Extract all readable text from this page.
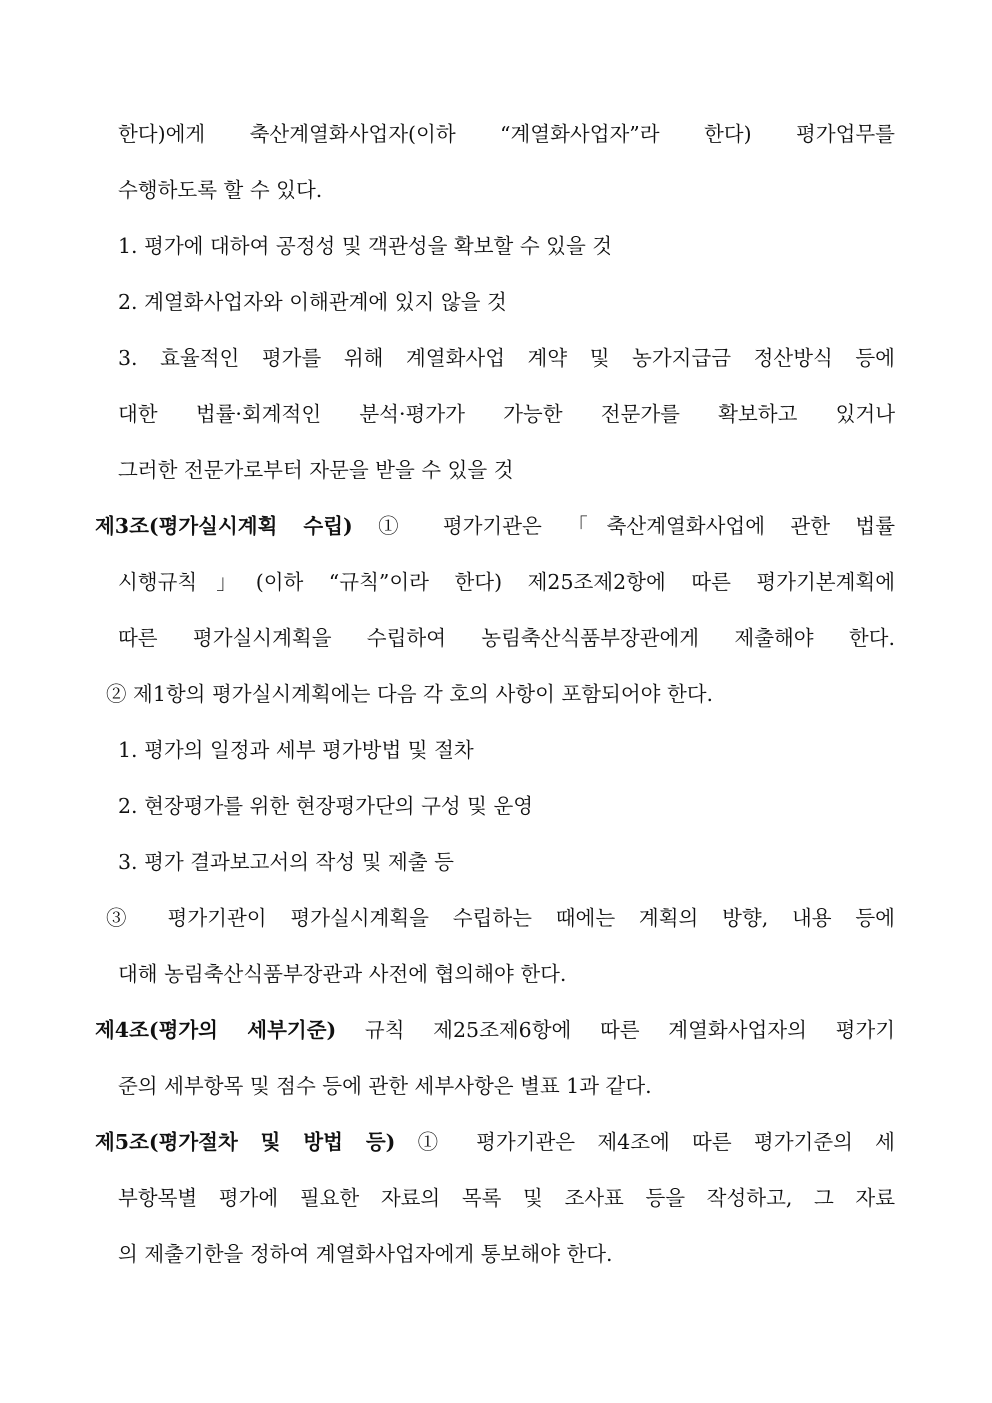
한다)에게 축산계열화사업자(이하 “계열화사업자”라 한다) 평가업무를
수행하도록 할 수 있다.
1. 평가에 대하여 공정성 및 객관성을 확보할 수 있을 것
2. 계열화사업자와 이해관계에 있지 않을 것
3. 효율적인 평가를 위해 계열화사업 계약 및 농가지급금 정산방식 등에
대한 법률·회계적인 분석·평가가 가능한 전문가를 확보하고 있거나
그러한 전문가로부터 자문을 받을 수 있을 것
제3조(평가실시계획 수립) ① 평가기관은 「축산계열화사업에 관한 법률
시행규칙」(이하 “규칙”이라 한다) 제25조제2항에 따른 평가기본계획에
따른 평가실시계획을 수립하여 농림축산식품부장관에게 제출해야 한다.
② 제1항의 평가실시계획에는 다음 각 호의 사항이 포함되어야 한다.
1. 평가의 일정과 세부 평가방법 및 절차
2. 현장평가를 위한 현장평가단의 구성 및 운영
3. 평가 결과보고서의 작성 및 제출 등
③ 평가기관이 평가실시계획을 수립하는 때에는 계획의 방향, 내용 등에
대해 농림축산식품부장관과 사전에 협의해야 한다.
제4조(평가의 세부기준) 규칙 제25조제6항에 따른 계열화사업자의 평가기
준의 세부항목 및 점수 등에 관한 세부사항은 별표 1과 같다.
제5조(평가절차 및 방법 등) ① 평가기관은 제4조에 따른 평가기준의 세
부항목별 평가에 필요한 자료의 목록 및 조사표 등을 작성하고, 그 자료
의 제출기한을 정하여 계열화사업자에게 통보해야 한다.
